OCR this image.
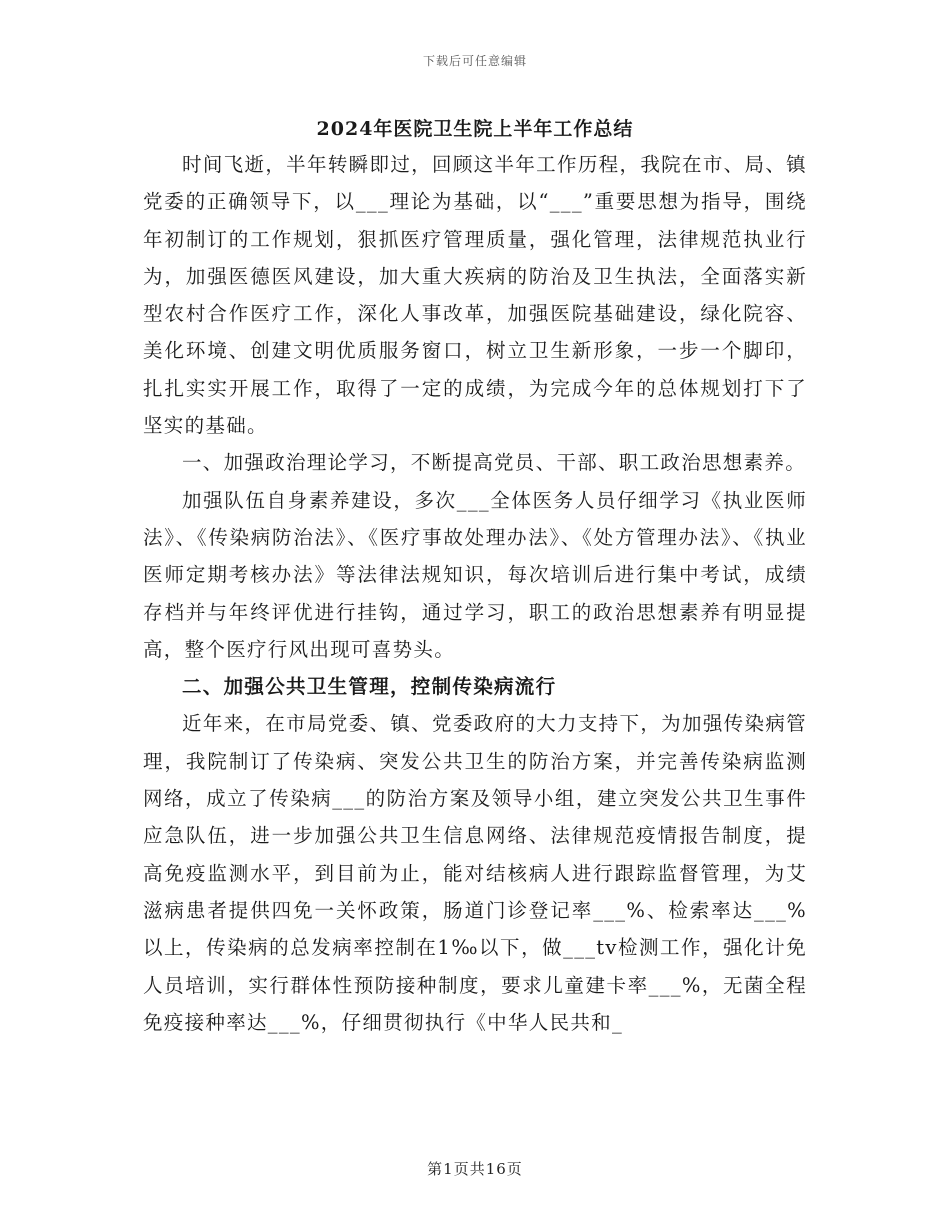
下载后可任意编辑
2024年医院卫生院上半年工作总结

时间飞逝，半年转瞬即过，回顾这半年工作历程，我院在市、局、镇党委的正确领导下，以___理论为基础，以“___”重要思想为指导，围绕年初制订的工作规划，狠抓医疗管理质量，强化管理，法律规范执业行为，加强医德医风建设，加大重大疾病的防治及卫生执法，全面落实新型农村合作医疗工作，深化人事改革，加强医院基础建设，绿化院容、美化环境、创建文明优质服务窗口，树立卫生新形象，一步一个脚印，扎扎实实开展工作，取得了一定的成绩，为完成今年的总体规划打下了坚实的基础。

一、加强政治理论学习，不断提高党员、干部、职工政治思想素养。

加强队伍自身素养建设，多次___全体医务人员仔细学习《执业医师法》、《传染病防治法》、《医疗事故处理办法》、《处方管理办法》、《执业医师定期考核办法》等法律法规知识，每次培训后进行集中考试，成绩存档并与年终评优进行挂钩，通过学习，职工的政治思想素养有明显提高，整个医疗行风出现可喜势头。

二、加强公共卫生管理，控制传染病流行

近年来，在市局党委、镇、党委政府的大力支持下，为加强传染病管理，我院制订了传染病、突发公共卫生的防治方案，并完善传染病监测网络，成立了传染病___的防治方案及领导小组，建立突发公共卫生事件应急队伍，进一步加强公共卫生信息网络、法律规范疫情报告制度，提高免疫监测水平，到目前为止，能对结核病人进行跟踪监督管理，为艾滋病患者提供四免一关怀政策，肠道门诊登记率___%、检索率达___%以上，传染病的总发病率控制在1‰以下，做___tv检测工作，强化计免人员培训，实行群体性预防接种制度，要求儿童建卡率___%，无菌全程免疫接种率达___%，仔细贯彻执行《中华人民共和_

第1页共16页
